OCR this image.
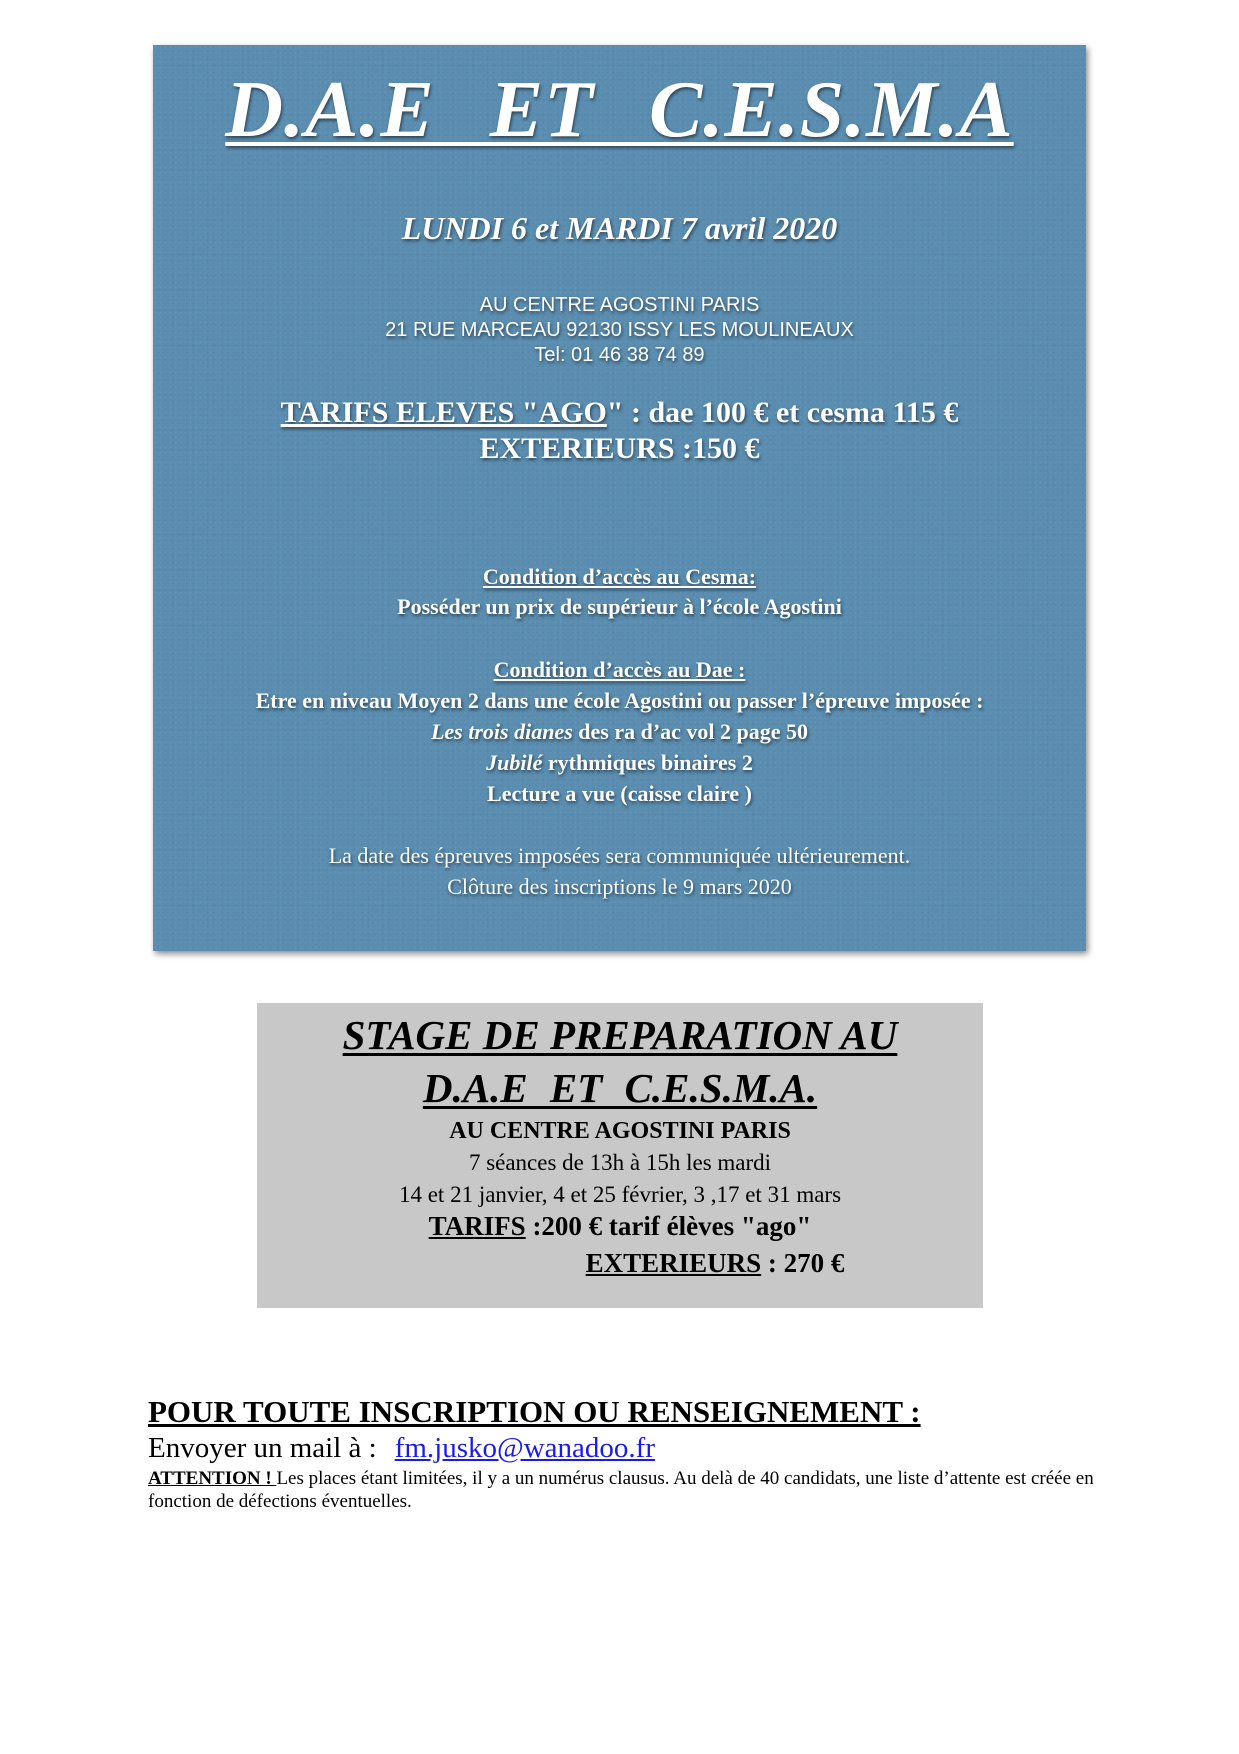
D.A.E ET C.E.S.M.A
LUNDI 6 et MARDI 7 avril 2020
AU CENTRE AGOSTINI PARIS
21 RUE MARCEAU 92130 ISSY LES MOULINEAUX
Tel: 01 46 38 74 89
TARIFS ELEVES "AGO" : dae 100 € et cesma 115 €
EXTERIEURS :150 €
Condition d’accès au Cesma:
Posséder un prix de supérieur à l’école Agostini
Condition d’accès au Dae :
Etre en niveau Moyen 2 dans une école Agostini ou passer l’épreuve imposée :
Les trois dianes des ra d’ac vol 2 page 50
Jubilé rythmiques binaires 2
Lecture a vue (caisse claire )
La date des épreuves imposées sera communiquée ultérieurement.
Clôture des inscriptions le 9 mars 2020
STAGE DE PREPARATION AU
D.A.E ET C.E.S.M.A.
AU CENTRE AGOSTINI PARIS
7 séances de 13h à 15h les mardi
14 et 21 janvier, 4 et 25 février, 3 ,17 et 31 mars
TARIFS :200 € tarif élèves "ago"
EXTERIEURS : 270 €
POUR TOUTE INSCRIPTION OU RENSEIGNEMENT :
Envoyer un mail à : fm.jusko@wanadoo.fr
ATTENTION ! Les places étant limitées, il y a un numérus clausus. Au delà de 40 candidats, une liste d’attente est créée en fonction de défections éventuelles.
